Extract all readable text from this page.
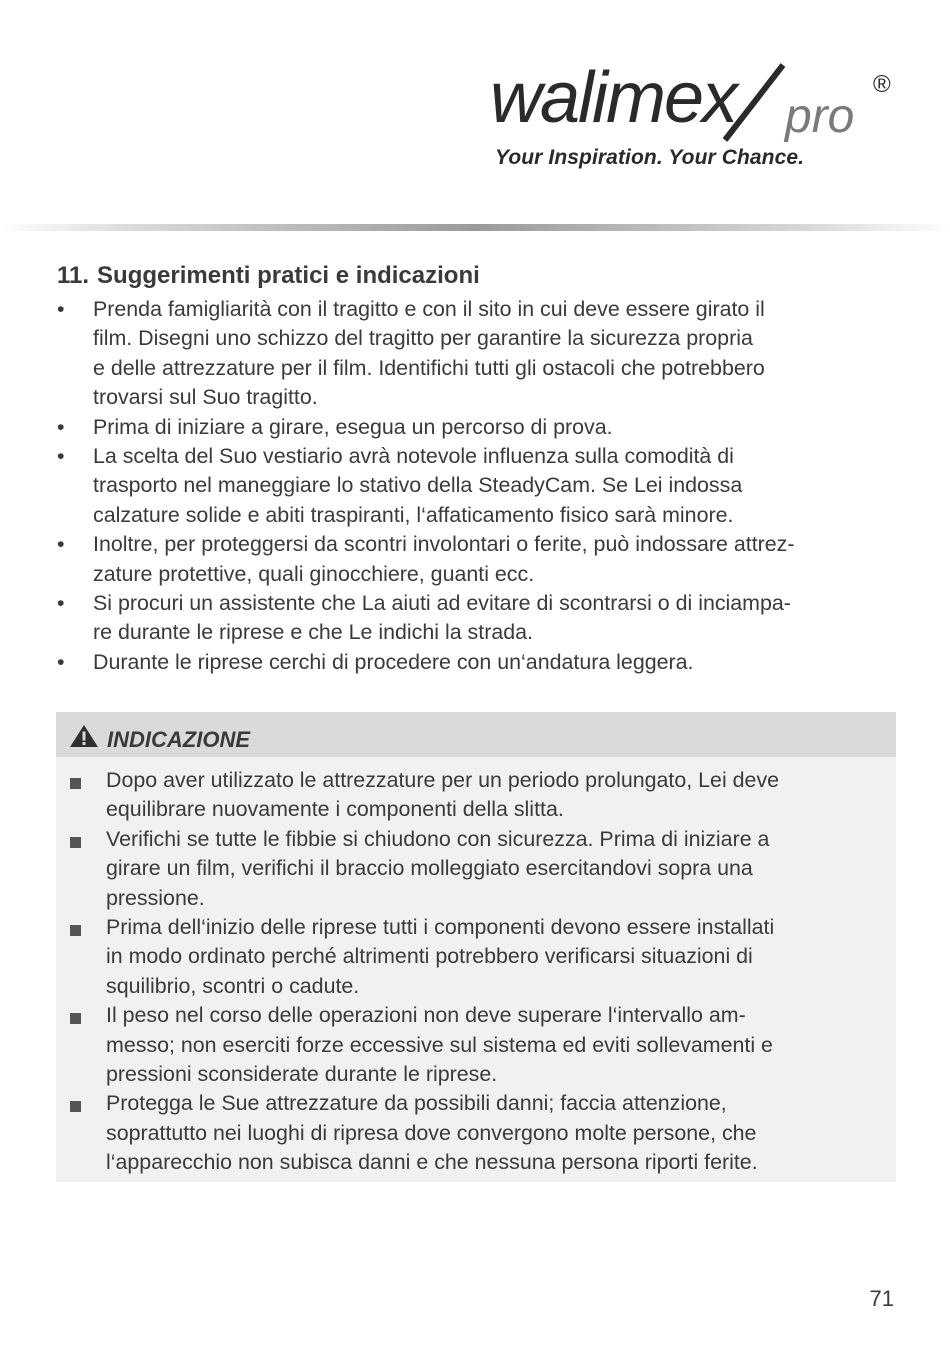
walimex pro
®
Your Inspiration. Your Chance.
11. Suggerimenti pratici e indicazioni
•	Prenda famigliarità con il tragitto e con il sito in cui deve essere girato il
film. Disegni uno schizzo del tragitto per garantire la sicurezza propria
e delle attrezzature per il film. Identifichi tutti gli ostacoli che potrebbero
trovarsi sul Suo tragitto.
•	Prima di iniziare a girare, esegua un percorso di prova.
•	La scelta del Suo vestiario avrà notevole influenza sulla comodità di
trasporto nel maneggiare lo stativo della SteadyCam. Se Lei indossa
calzature solide e abiti traspiranti, l‘affaticamento fisico sarà minore.
•	Inoltre, per proteggersi da scontri involontari o ferite, può indossare attrez-
zature protettive, quali ginocchiere, guanti ecc.
•	Si procuri un assistente che La aiuti ad evitare di scontrarsi o di inciampa-
re durante le riprese e che Le indichi la strada.
•	Durante le riprese cerchi di procedere con un‘andatura leggera.
INDICAZIONE
Dopo aver utilizzato le attrezzature per un periodo prolungato, Lei deve
equilibrare nuovamente i componenti della slitta.
Verifichi se tutte le fibbie si chiudono con sicurezza. Prima di iniziare a
girare un film, verifichi il braccio molleggiato esercitandovi sopra una
pressione.
Prima dell‘inizio delle riprese tutti i componenti devono essere installati
in modo ordinato perché altrimenti potrebbero verificarsi situazioni di
squilibrio, scontri o cadute.
Il peso nel corso delle operazioni non deve superare l‘intervallo am-
messo; non eserciti forze eccessive sul sistema ed eviti sollevamenti e
pressioni sconsiderate durante le riprese.
Protegga le Sue attrezzature da possibili danni; faccia attenzione,
soprattutto nei luoghi di ripresa dove convergono molte persone, che
l‘apparecchio non subisca danni e che nessuna persona riporti ferite.
71
